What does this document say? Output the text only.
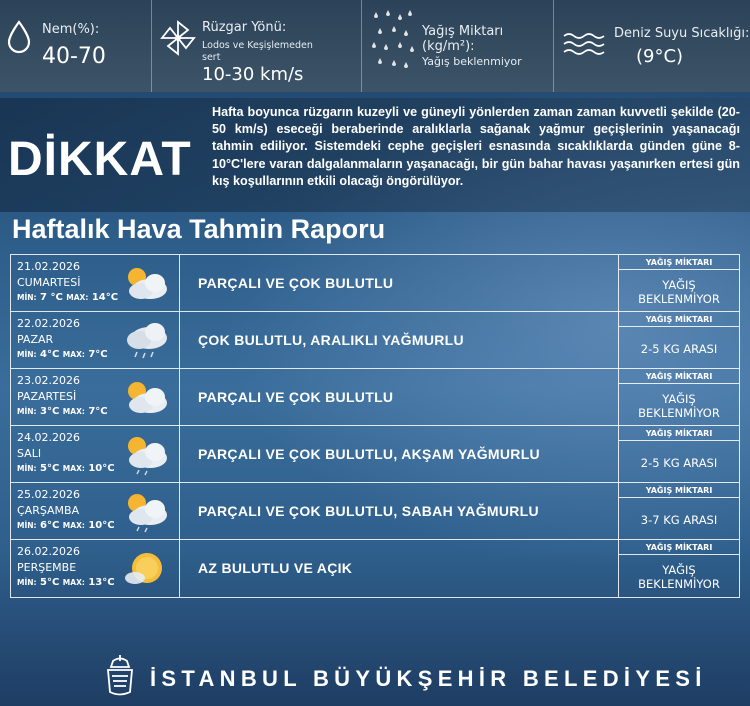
Nem(%):
40-70
Rüzgar Yönü:
Lodos ve Keşişlemeden sert
10-30 km/s
Yağış Miktarı (kg/m²):
Yağış beklenmiyor
Deniz Suyu Sıcaklığı:
(9°C)
DİKKAT
Hafta boyunca rüzgarın kuzeyli ve güneyli yönlerden zaman zaman kuvvetli şekilde (20-50 km/s) eseceği beraberinde aralıklarla sağanak yağmur geçişlerinin yaşanacağı tahmin ediliyor. Sistemdeki cephe geçişleri esnasında sıcaklıklarda günden güne 8-10°C'lere varan dalgalanmaların yaşanacağı, bir gün bahar havası yaşanırken ertesi gün kış koşullarının etkili olacağı öngörülüyor.
Haftalık Hava Tahmin Raporu
21.02.2026
CUMARTESİ
MİN: 7 °C MAX: 14°C
PARÇALI VE ÇOK BULUTLU
YAĞIŞ MİKTARI
YAĞIŞ BEKLENMİYOR
22.02.2026
PAZAR
MİN: 4°C MAX: 7°C
ÇOK BULUTLU, ARALIKLI YAĞMURLU
YAĞIŞ MİKTARI
2-5 KG ARASI
23.02.2026
PAZARTESİ
MİN: 3°C MAX: 7°C
PARÇALI VE ÇOK BULUTLU
YAĞIŞ MİKTARI
YAĞIŞ BEKLENMİYOR
24.02.2026
SALI
MİN: 5°C MAX: 10°C
PARÇALI VE ÇOK BULUTLU, AKŞAM YAĞMURLU
YAĞIŞ MİKTARI
2-5 KG ARASI
25.02.2026
ÇARŞAMBA
MİN: 6°C MAX: 10°C
PARÇALI VE ÇOK BULUTLU, SABAH YAĞMURLU
YAĞIŞ MİKTARI
3-7 KG ARASI
26.02.2026
PERŞEMBE
MİN: 5°C MAX: 13°C
AZ BULUTLU VE AÇIK
YAĞIŞ MİKTARI
YAĞIŞ BEKLENMİYOR
İSTANBUL BÜYÜKŞEHİR BELEDİYESİ
